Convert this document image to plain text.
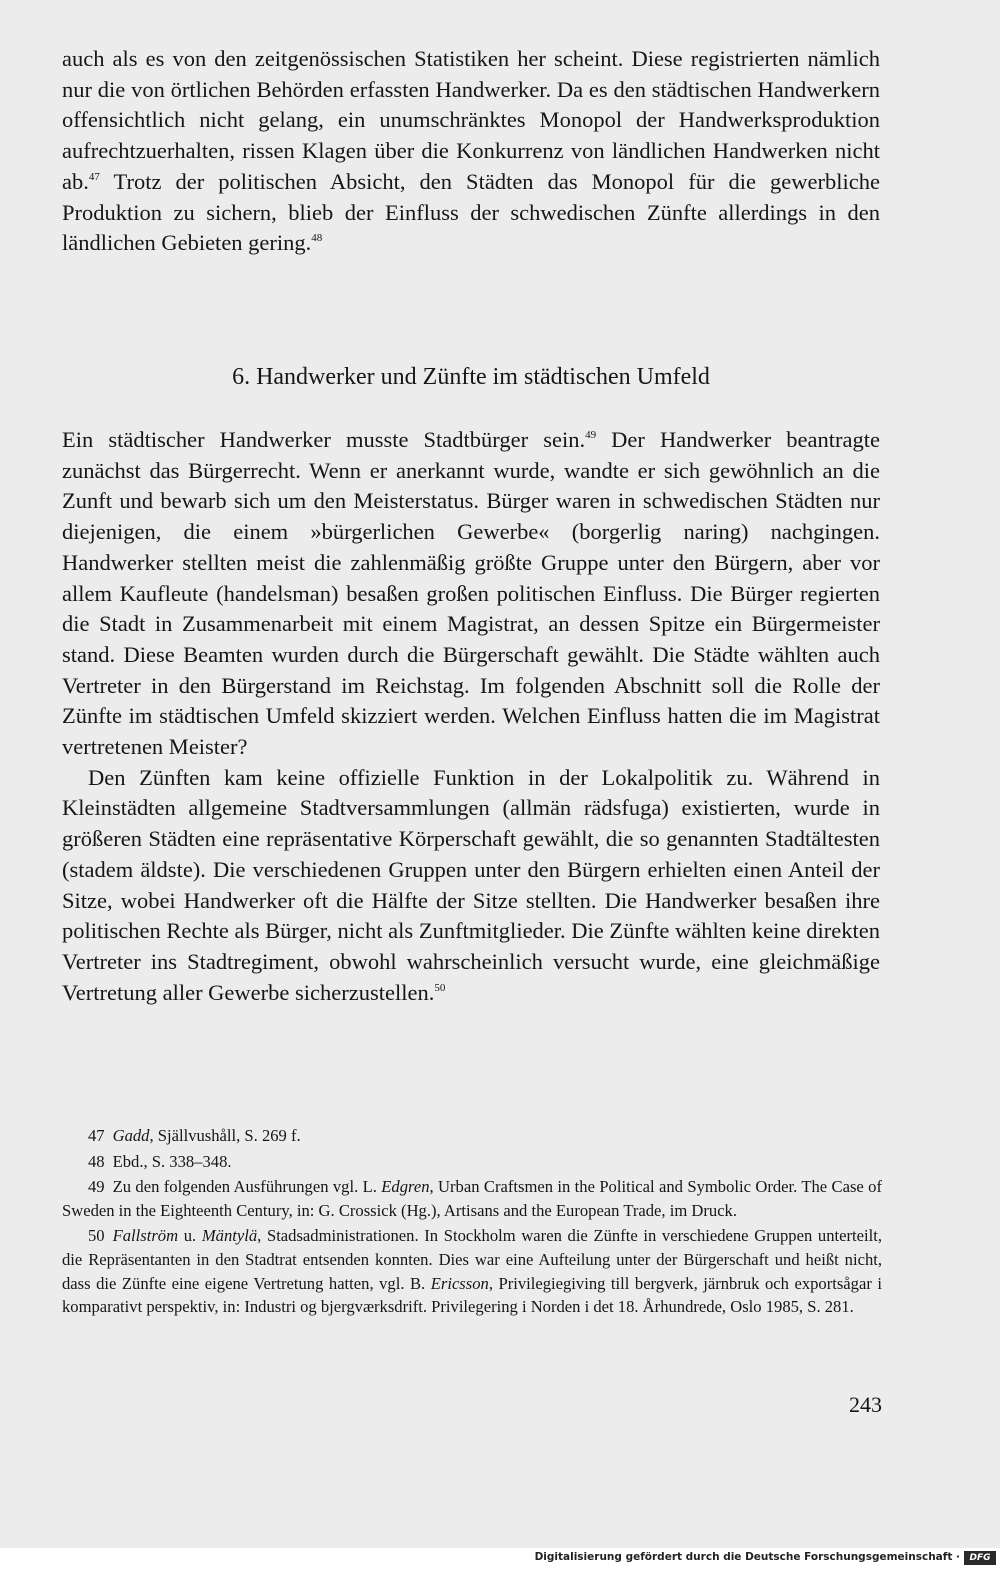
auch als es von den zeitgenössischen Statistiken her scheint. Diese registrierten nämlich nur die von örtlichen Behörden erfassten Handwerker. Da es den städtischen Handwerkern offensichtlich nicht gelang, ein unumschränktes Monopol der Handwerksproduktion aufrechtzuerhalten, rissen Klagen über die Konkurrenz von ländlichen Handwerken nicht ab.$^{47}$ Trotz der politischen Absicht, den Städten das Monopol für die gewerbliche Produktion zu sichern, blieb der Einfluss der schwedischen Zünfte allerdings in den ländlichen Gebieten gering.$^{48}$

6. Handwerker und Zünfte im städtischen Umfeld

Ein städtischer Handwerker musste Stadtbürger sein.$^{49}$ Der Handwerker beantragte zunächst das Bürgerrecht. Wenn er anerkannt wurde, wandte er sich gewöhnlich an die Zunft und bewarb sich um den Meisterstatus. Bürger waren in schwedischen Städten nur diejenigen, die einem »bürgerlichen Gewerbe« (borgerlig naring) nachgingen. Handwerker stellten meist die zahlenmäßig größte Gruppe unter den Bürgern, aber vor allem Kaufleute (handelsman) besaßen großen politischen Einfluss. Die Bürger regierten die Stadt in Zusammenarbeit mit einem Magistrat, an dessen Spitze ein Bürgermeister stand. Diese Beamten wurden durch die Bürgerschaft gewählt. Die Städte wählten auch Vertreter in den Bürgerstand im Reichstag. Im folgenden Abschnitt soll die Rolle der Zünfte im städtischen Umfeld skizziert werden. Welchen Einfluss hatten die im Magistrat vertretenen Meister?

Den Zünften kam keine offizielle Funktion in der Lokalpolitik zu. Während in Kleinstädten allgemeine Stadtversammlungen (allmän rädsfuga) existierten, wurde in größeren Städten eine repräsentative Körperschaft gewählt, die so genannten Stadtältesten (stadem äldste). Die verschiedenen Gruppen unter den Bürgern erhielten einen Anteil der Sitze, wobei Handwerker oft die Hälfte der Sitze stellten. Die Handwerker besaßen ihre politischen Rechte als Bürger, nicht als Zunftmitglieder. Die Zünfte wählten keine direkten Vertreter ins Stadtregiment, obwohl wahrscheinlich versucht wurde, eine gleichmäßige Vertretung aller Gewerbe sicherzustellen.$^{50}$

47 Gadd, Själlvushåll, S. 269 f.

48 Ebd., S. 338–348.

49 Zu den folgenden Ausführungen vgl. L. Edgren, Urban Craftsmen in the Political and Symbolic Order. The Case of Sweden in the Eighteenth Century, in: G. Crossick (Hg.), Artisans and the European Trade, im Druck.

50 Fallström u. Mäntylä, Stadsadministrationen. In Stockholm waren die Zünfte in verschiedene Gruppen unterteilt, die Repräsentanten in den Stadtrat entsenden konnten. Dies war eine Aufteilung unter der Bürgerschaft und heißt nicht, dass die Zünfte eine eigene Vertretung hatten, vgl. B. Ericsson, Privilegiegiving till bergverk, järnbruk och exportsågar i komparativt perspektiv, in: Industri og bjergværksdrift. Privilegering i Norden i det 18. Århundrede, Oslo 1985, S. 281.

243
Digitalisierung gefördert durch die Deutsche Forschungsgemeinschaft ·	DFG
